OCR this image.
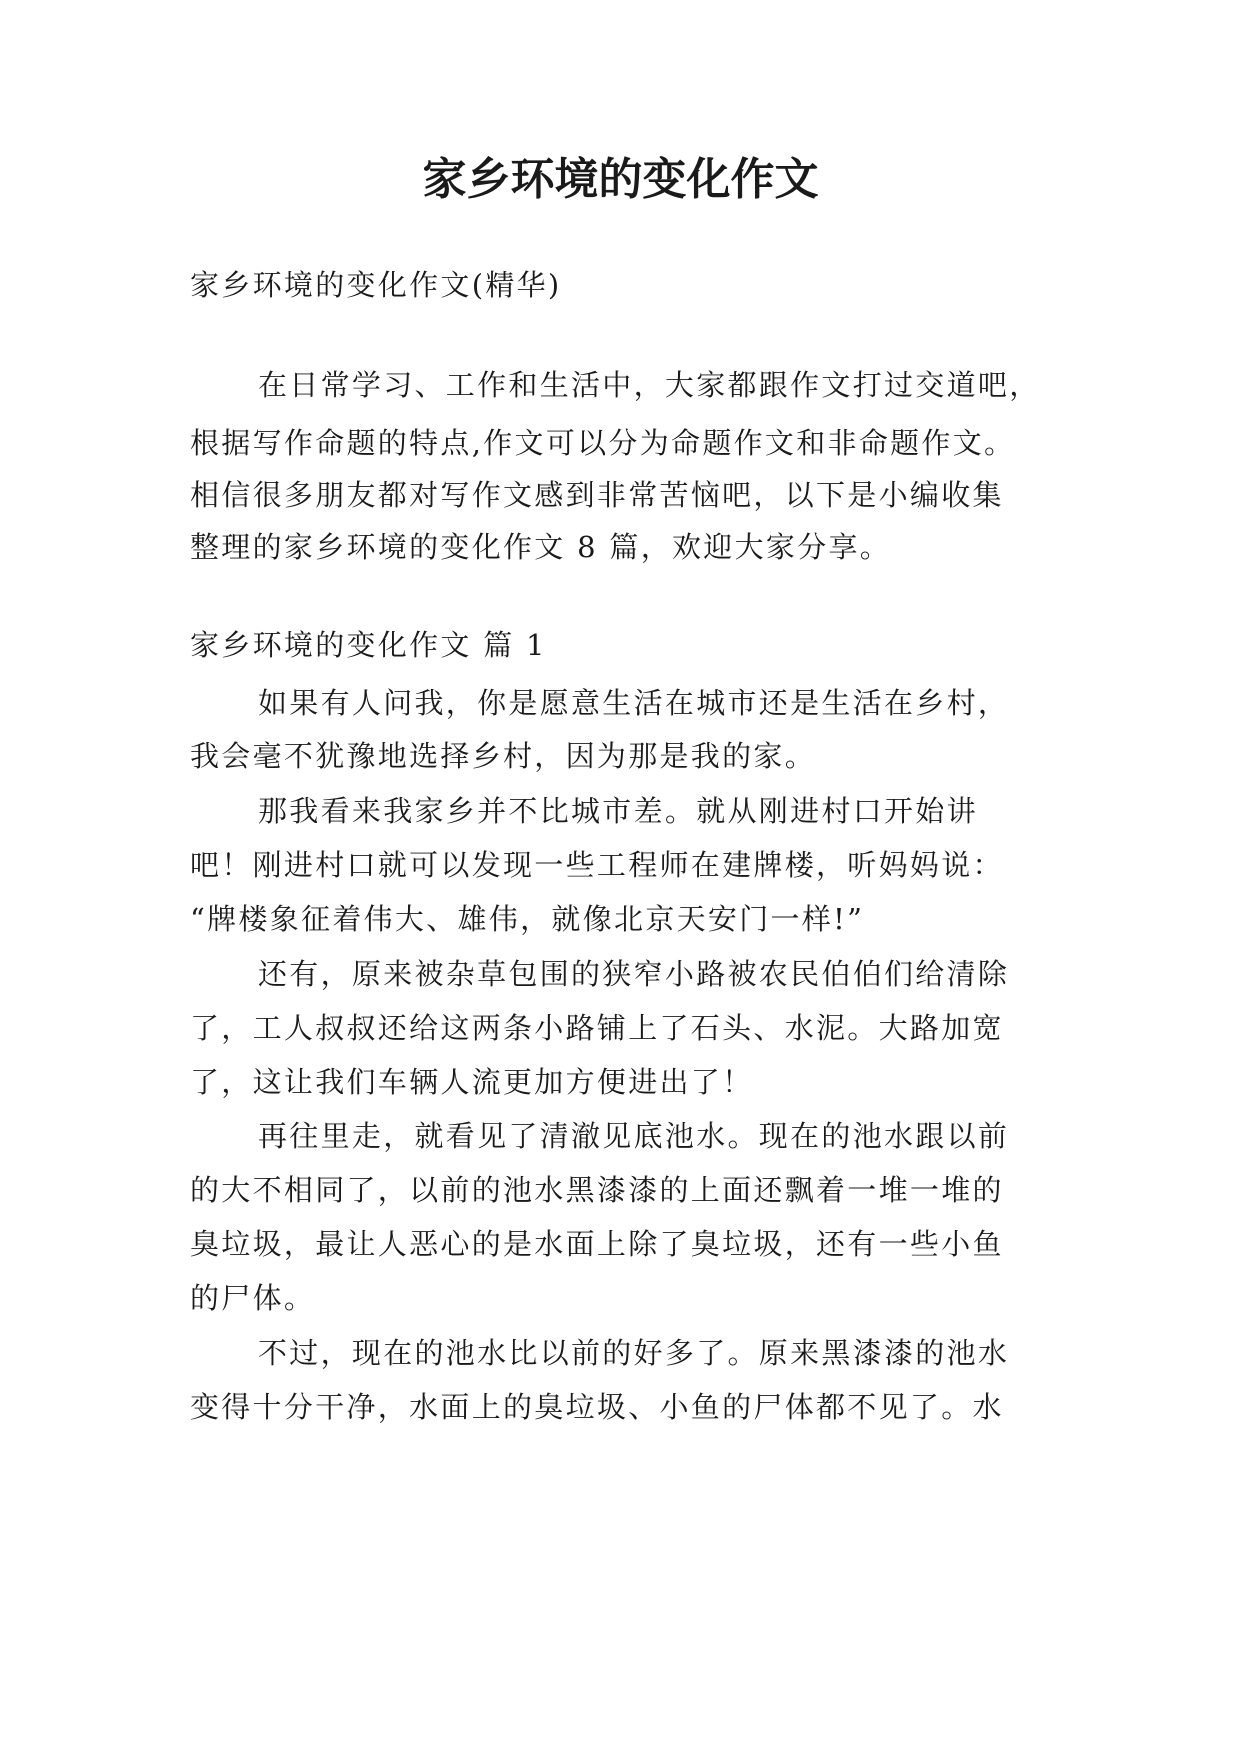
家乡环境的变化作文

家乡环境的变化作文(精华)

在日常学习、工作和生活中，大家都跟作文打过交道吧，

根据写作命题的特点,作文可以分为命题作文和非命题作文。

相信很多朋友都对写作文感到非常苦恼吧，以下是小编收集

整理的家乡环境的变化作文 8 篇，欢迎大家分享。

家乡环境的变化作文 篇 1

如果有人问我，你是愿意生活在城市还是生活在乡村，

我会毫不犹豫地选择乡村，因为那是我的家。

那我看来我家乡并不比城市差。就从刚进村口开始讲

吧！刚进村口就可以发现一些工程师在建牌楼，听妈妈说：

“牌楼象征着伟大、雄伟，就像北京天安门一样!”

还有，原来被杂草包围的狭窄小路被农民伯伯们给清除

了，工人叔叔还给这两条小路铺上了石头、水泥。大路加宽

了，这让我们车辆人流更加方便进出了！

再往里走，就看见了清澈见底池水。现在的池水跟以前

的大不相同了，以前的池水黑漆漆的上面还飘着一堆一堆的

臭垃圾，最让人恶心的是水面上除了臭垃圾，还有一些小鱼

的尸体。

不过，现在的池水比以前的好多了。原来黑漆漆的池水

变得十分干净，水面上的臭垃圾、小鱼的尸体都不见了。水
